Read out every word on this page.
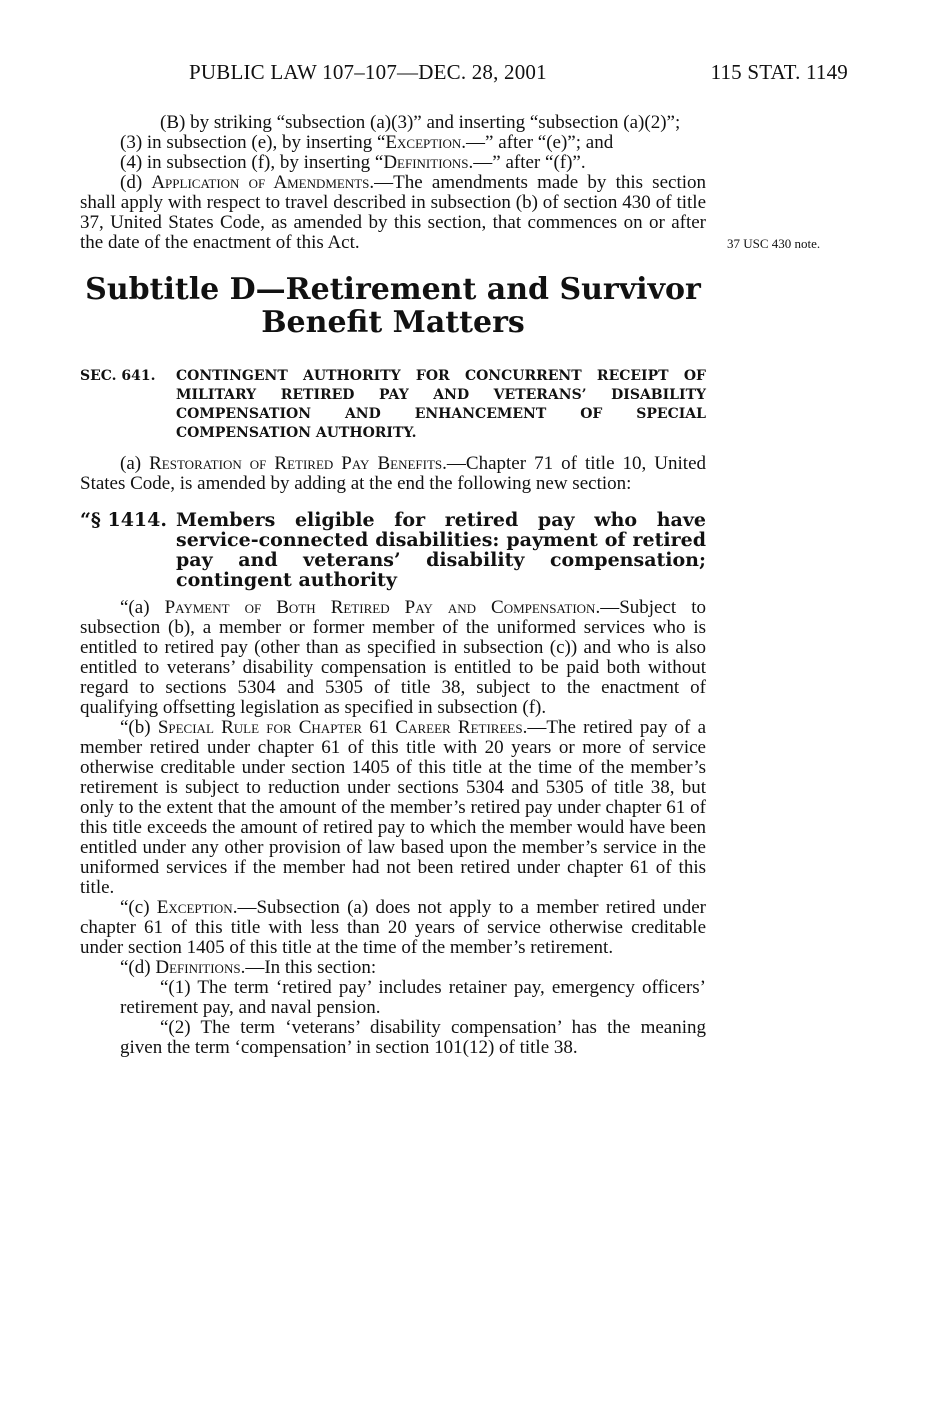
PUBLIC LAW 107–107—DEC. 28, 2001	115 STAT. 1149
37 USC 430 note.

(B) by striking “subsection (a)(3)” and inserting “subsection (a)(2)”;

(3) in subsection (e), by inserting “Exception.—” after “(e)”; and

(4) in subsection (f), by inserting “Definitions.—” after “(f)”.

(d) Application of Amendments.—The amendments made by this section shall apply with respect to travel described in subsection (b) of section 430 of title 37, United States Code, as amended by this section, that commences on or after the date of the enactment of this Act.

Subtitle D—Retirement and Survivor
Benefit Matters
SEC. 641. CONTINGENT AUTHORITY FOR CONCURRENT RECEIPT OF MILITARY RETIRED PAY AND VETERANS’ DISABILITY COMPENSATION AND ENHANCEMENT OF SPECIAL COMPENSATION AUTHORITY.

(a) Restoration of Retired Pay Benefits.—Chapter 71 of title 10, United States Code, is amended by adding at the end the following new section:

“§ 1414. Members eligible for retired pay who have service-connected disabilities: payment of retired pay and veterans’ disability compensation; contingent authority

“(a) Payment of Both Retired Pay and Compensation.—Subject to subsection (b), a member or former member of the uniformed services who is entitled to retired pay (other than as specified in subsection (c)) and who is also entitled to veterans’ disability compensation is entitled to be paid both without regard to sections 5304 and 5305 of title 38, subject to the enactment of qualifying offsetting legislation as specified in subsection (f).

“(b) Special Rule for Chapter 61 Career Retirees.—The retired pay of a member retired under chapter 61 of this title with 20 years or more of service otherwise creditable under section 1405 of this title at the time of the member’s retirement is subject to reduction under sections 5304 and 5305 of title 38, but only to the extent that the amount of the member’s retired pay under chapter 61 of this title exceeds the amount of retired pay to which the member would have been entitled under any other provision of law based upon the member’s service in the uniformed services if the member had not been retired under chapter 61 of this title.

“(c) Exception.—Subsection (a) does not apply to a member retired under chapter 61 of this title with less than 20 years of service otherwise creditable under section 1405 of this title at the time of the member’s retirement.

“(d) Definitions.—In this section:

“(1) The term ‘retired pay’ includes retainer pay, emergency officers’ retirement pay, and naval pension.

“(2) The term ‘veterans’ disability compensation’ has the meaning given the term ‘compensation’ in section 101(12) of title 38.
